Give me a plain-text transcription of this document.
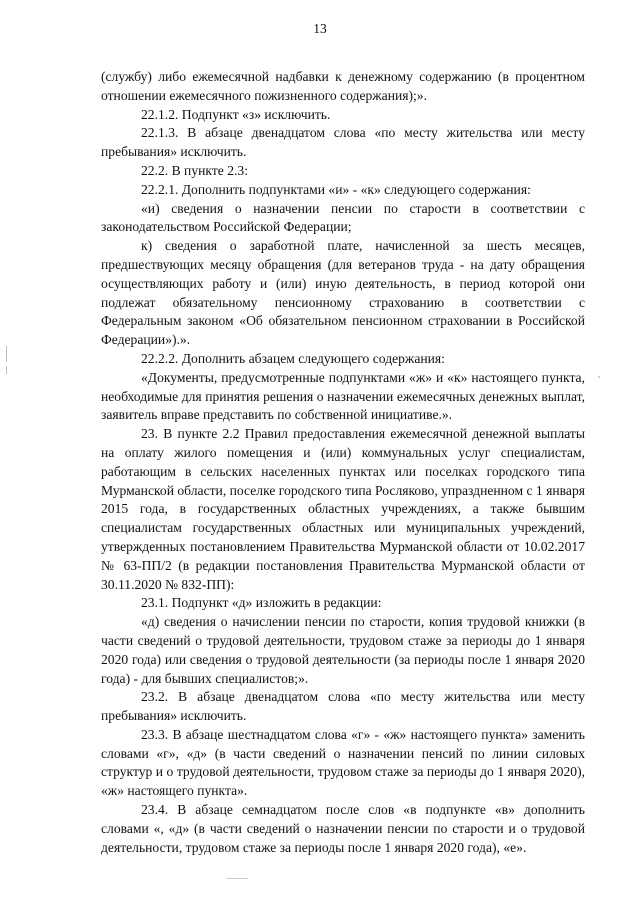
13

(службу) либо ежемесячной надбавки к денежному содержанию (в процентном отношении ежемесячного пожизненного содержания);».

22.1.2. Подпункт «з» исключить.

22.1.3. В абзаце двенадцатом слова «по месту жительства или месту пребывания» исключить.

22.2. В пункте 2.3:

22.2.1. Дополнить подпунктами «и» - «к» следующего содержания:

«и) сведения о назначении пенсии по старости в соответствии с законодательством Российской Федерации;

к) сведения о заработной плате, начисленной за шесть месяцев, предшествующих месяцу обращения (для ветеранов труда - на дату обращения осуществляющих работу и (или) иную деятельность, в период которой они подлежат обязательному пенсионному страхованию в соответствии с Федеральным законом «Об обязательном пенсионном страховании в Российской Федерации»).».

22.2.2. Дополнить абзацем следующего содержания:

«Документы, предусмотренные подпунктами «ж» и «к» настоящего пункта, необходимые для принятия решения о назначении ежемесячных денежных выплат, заявитель вправе представить по собственной инициативе.».

23. В пункте 2.2 Правил предоставления ежемесячной денежной выплаты на оплату жилого помещения и (или) коммунальных услуг специалистам, работающим в сельских населенных пунктах или поселках городского типа Мурманской области, поселке городского типа Росляково, упраздненном с 1 января 2015 года, в государственных областных учреждениях, а также бывшим специалистам государственных областных или муниципальных учреждений, утвержденных постановлением Правительства Мурманской области от 10.02.2017 № 63-ПП/2 (в редакции постановления Правительства Мурманской области от 30.11.2020 № 832-ПП):

23.1. Подпункт «д» изложить в редакции:

«д) сведения о начислении пенсии по старости, копия трудовой книжки (в части сведений о трудовой деятельности, трудовом стаже за периоды до 1 января 2020 года) или сведения о трудовой деятельности (за периоды после 1 января 2020 года) - для бывших специалистов;».

23.2. В абзаце двенадцатом слова «по месту жительства или месту пребывания» исключить.

23.3. В абзаце шестнадцатом слова «г» - «ж» настоящего пункта» заменить словами «г», «д» (в части сведений о назначении пенсий по линии силовых структур и о трудовой деятельности, трудовом стаже за периоды до 1 января 2020), «ж» настоящего пункта».

23.4. В абзаце семнадцатом после слов «в подпункте «в» дополнить словами «, «д» (в части сведений о назначении пенсии по старости и о трудовой деятельности, трудовом стаже за периоды после 1 января 2020 года), «е».
